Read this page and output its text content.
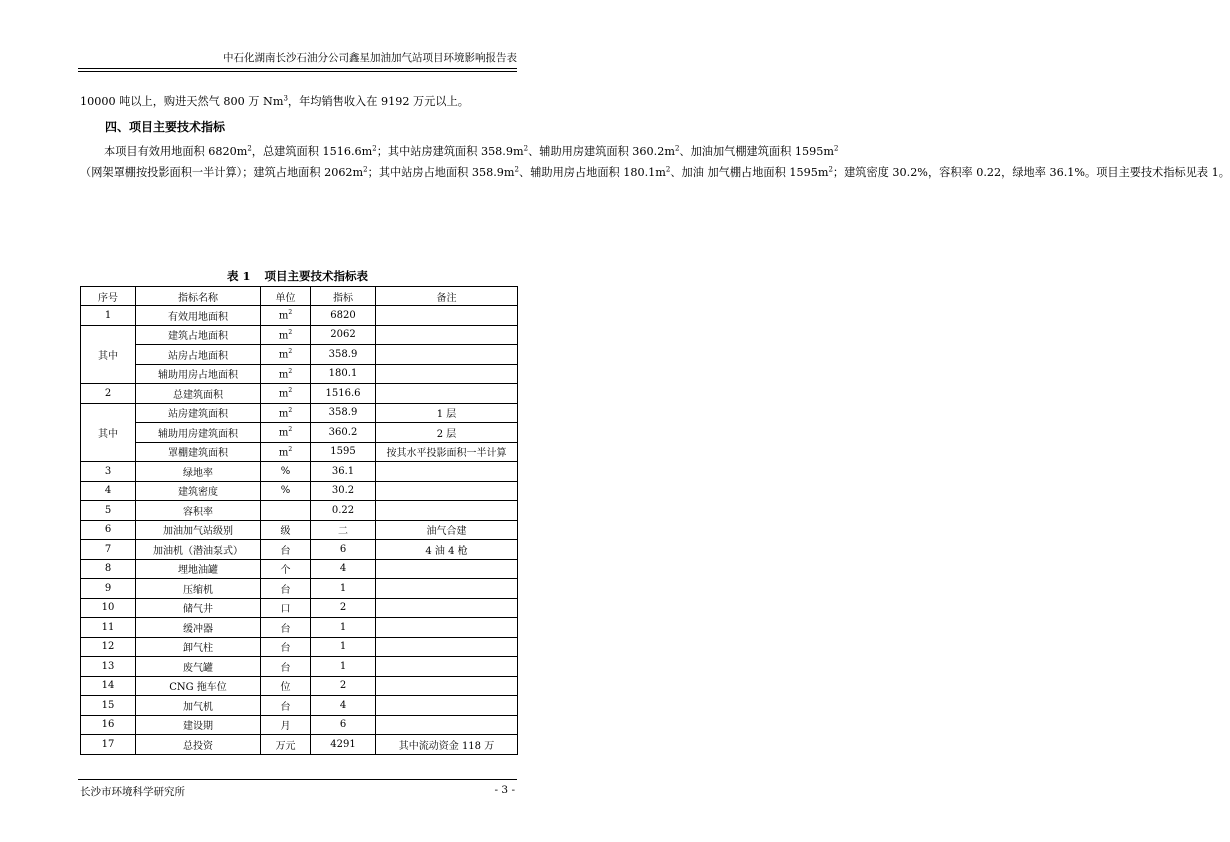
中石化湖南长沙石油分公司鑫星加油加气站项目环境影响报告表
10000 吨以上，购进天然气 800 万 Nm$^3$，年均销售收入在 9192 万元以上。
四、项目主要技术指标
本项目有效用地面积 $6820m^2$，总建筑面积 $1516.6m^2$；其中站房建筑面积 $358.9m^2$、辅助用房建筑面积 $360.2m^2$、加油加气棚建筑面积 $1595m^2$（网架罩棚按投影面积一半计算）；建筑占地面积 $2062m^2$；其中站房占地面积 $358.9m^2$、辅助用房占地面积 $180.1m^2$、加油 加气棚占地面积 $1595m^2$；建筑密度 30.2%，容积率 0.22，绿地率 36.1%。项目主要技术指标见表 1。
表 1 项目主要技术指标表
序号	指标名称	单位	指标	备注
1	有效用地面积	$m^2$	6820	
其中	建筑占地面积	$m^2$	2062	
	站房占地面积	$m^2$	358.9	
	辅助用房占地面积	$m^2$	180.1	
2	总建筑面积	$m^2$	1516.6	
其中	站房建筑面积	$m^2$	358.9	1 层
	辅助用房建筑面积	$m^2$	360.2	2 层
	罩棚建筑面积	$m^2$	1595	按其水平投影面积一半计算
3	绿地率	%	36.1	
4	建筑密度	%	30.2	
5	容积率		0.22	
6	加油加气站级别	级	二	油气合建
7	加油机（潜油泵式）	台	6	4 油 4 枪
8	埋地油罐	个	4	
9	压缩机	台	1	
10	储气井	口	2	
11	缓冲器	台	1	
12	卸气柱	台	1	
13	废气罐	台	1	
14	CNG 拖车位	位	2	
15	加气机	台	4	
16	建设期	月	6	
17	总投资	万元	4291	其中流动资金 118 万
长沙市环境科学研究所	- 3 -
